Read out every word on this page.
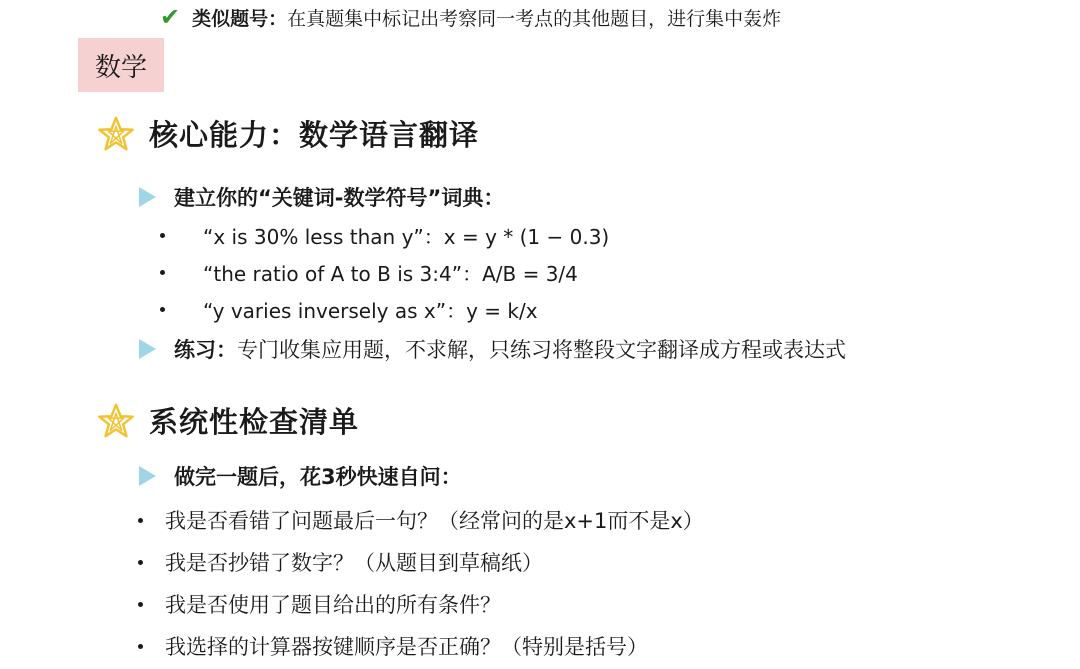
✔ 类似题号： 在真题集中标记出考察同一考点的其他题目，进行集中轰炸
数学
核心能力：数学语言翻译
建立你的“关键词-数学符号”词典：
“x is 30% less than y”：x = y * (1 − 0.3)
“the ratio of A to B is 3:4”：A/B = 3/4
“y varies inversely as x”：y = k/x
练习： 专门收集应用题，不求解，只练习将整段文字翻译成方程或表达式
系统性检查清单
做完一题后，花3秒快速自问：
我是否看错了问题最后一句？（经常问的是x+1而不是x）
我是否抄错了数字？（从题目到草稿纸）
我是否使用了题目给出的所有条件？
我选择的计算器按键顺序是否正确？（特别是括号）
